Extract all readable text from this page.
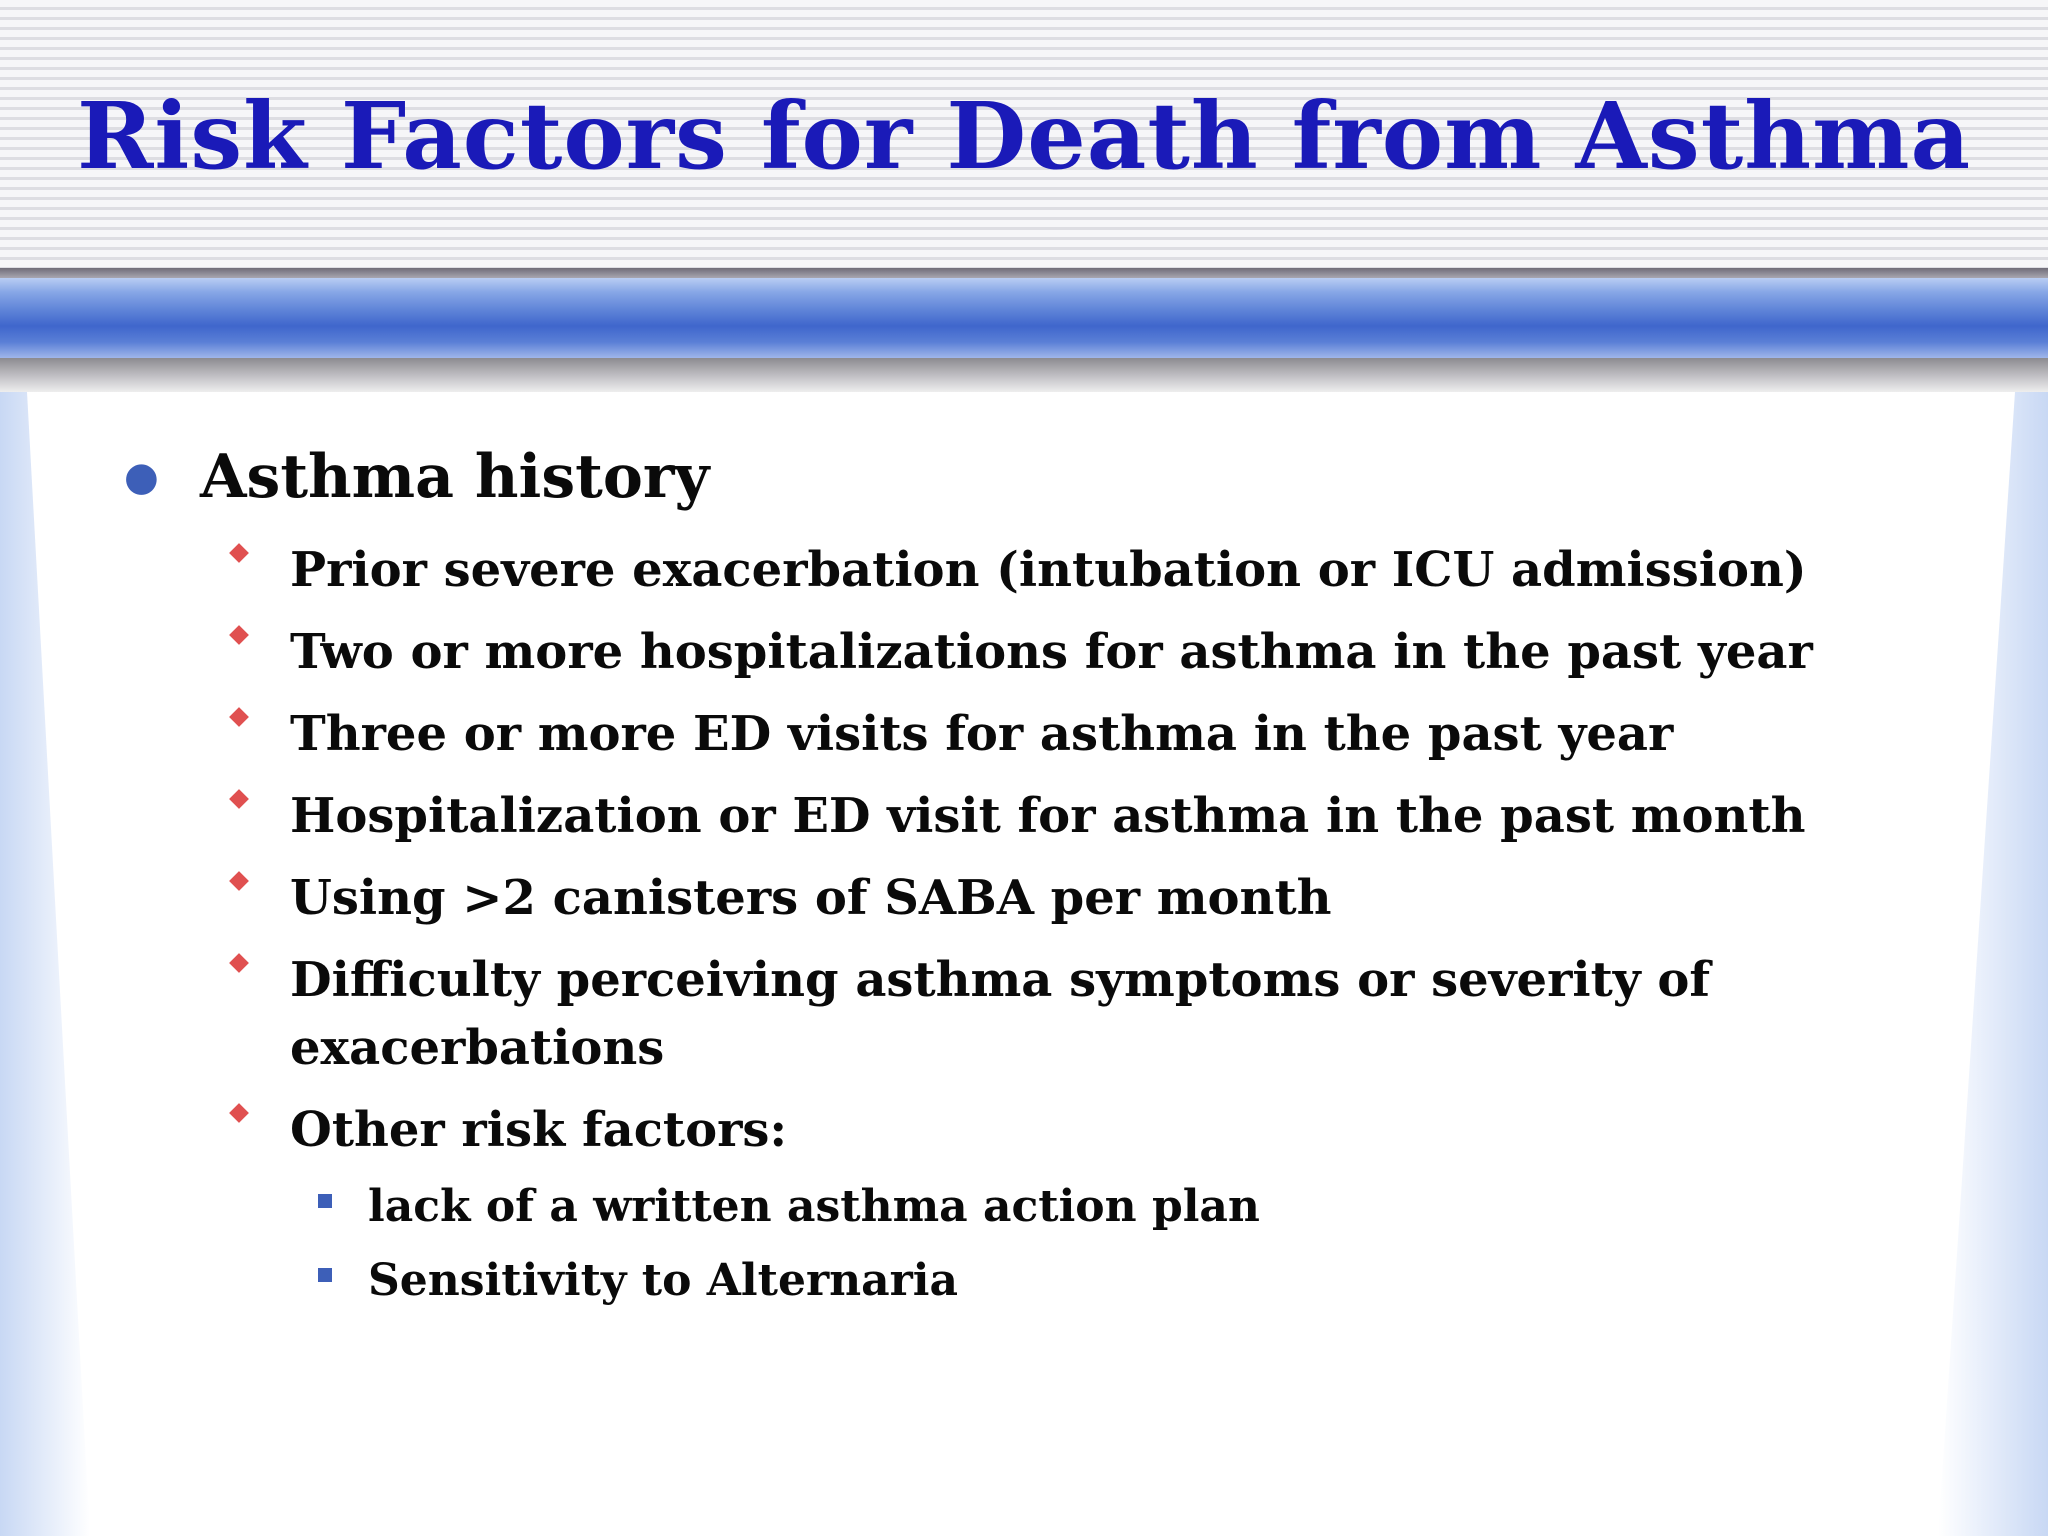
Risk Factors for Death from Asthma
● Asthma history
Prior severe exacerbation (intubation or ICU admission)
Two or more hospitalizations for asthma in the past year
Three or more ED visits for asthma in the past year
Hospitalization or ED visit for asthma in the past month
Using >2 canisters of SABA per month
Difficulty perceiving asthma symptoms or severity of exacerbations
Other risk factors:
lack of a written asthma action plan
Sensitivity to Alternaria
